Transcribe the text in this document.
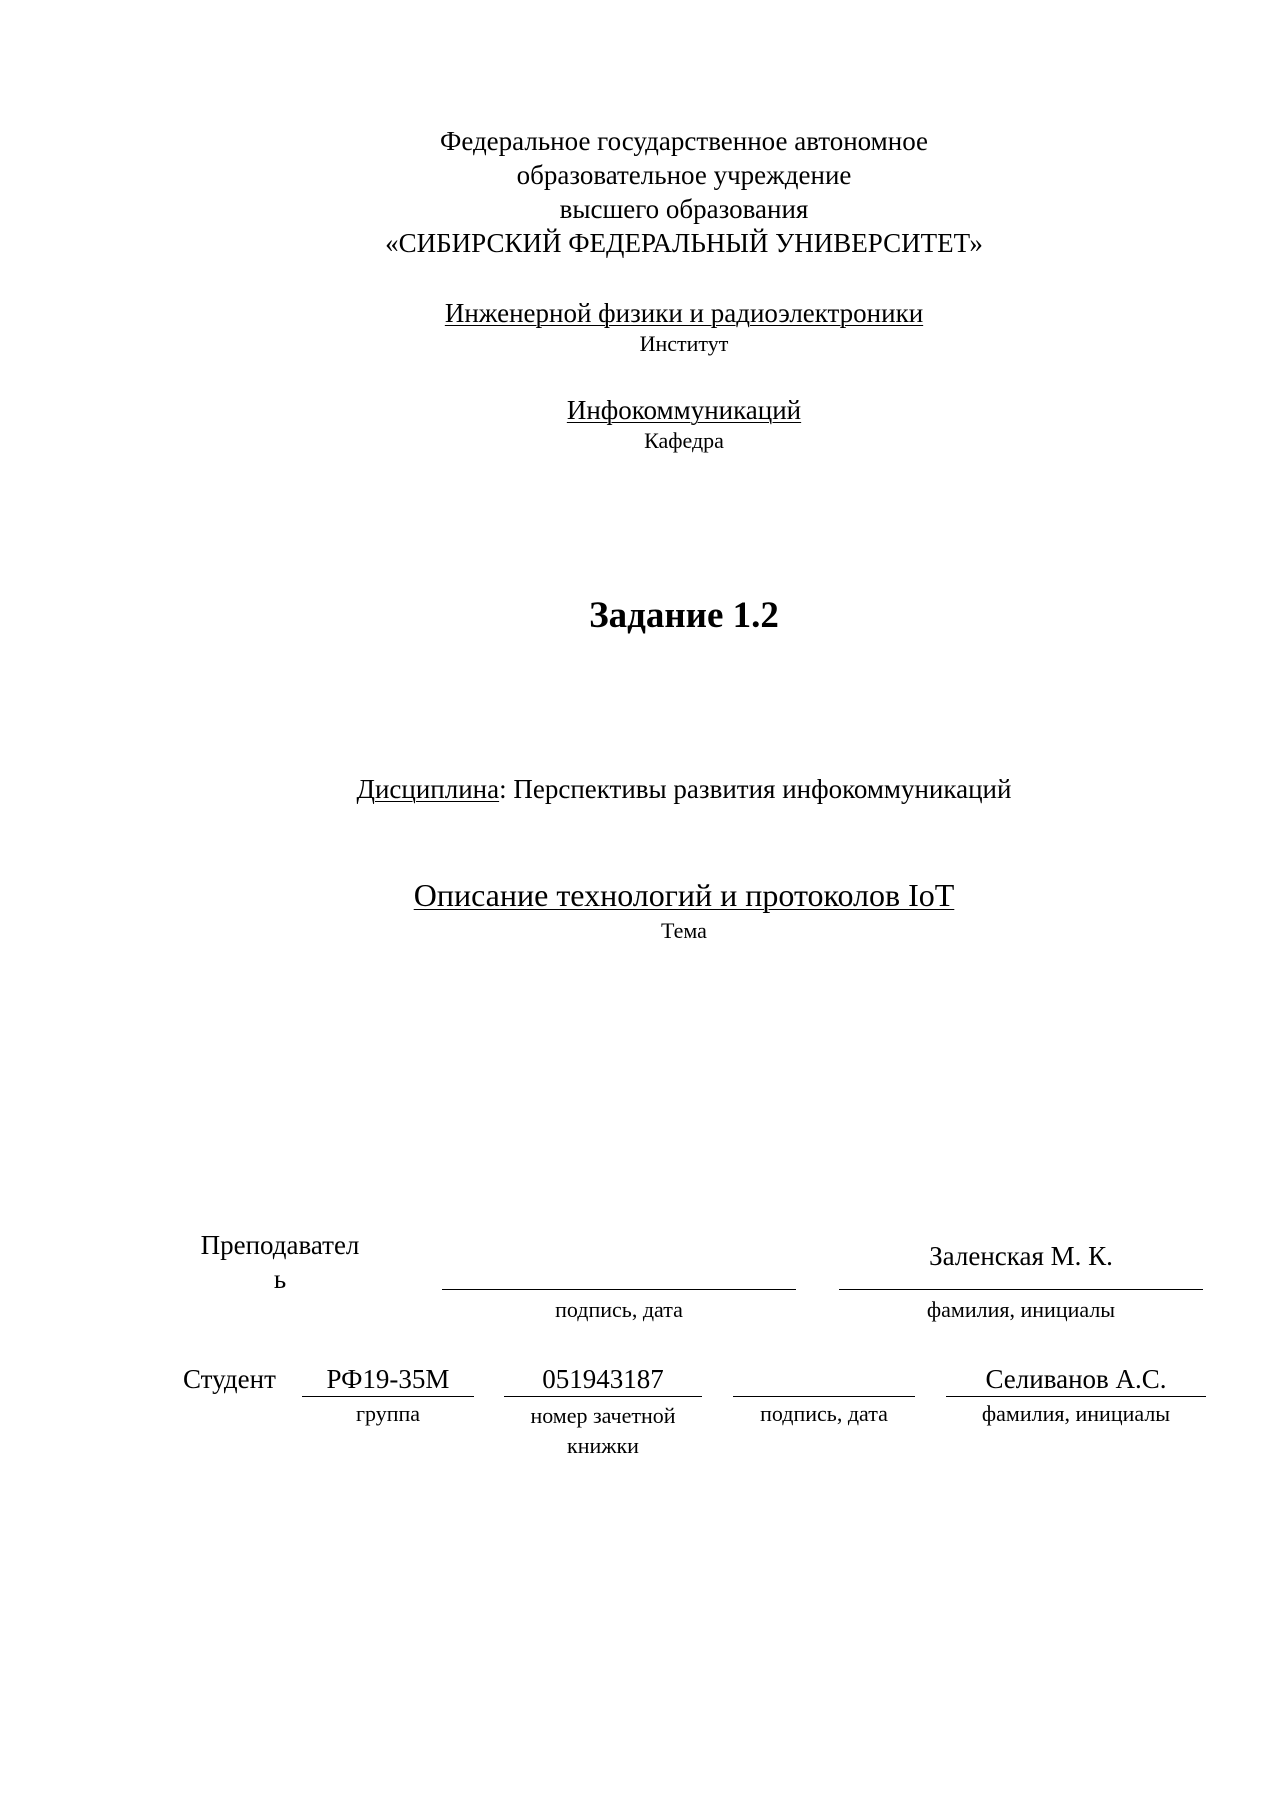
Федеральное государственное автономное
образовательное учреждение
высшего образования
«СИБИРСКИЙ ФЕДЕРАЛЬНЫЙ УНИВЕРСИТЕТ»
Инженерной физики и радиоэлектроники
Институт
Инфокоммуникаций
Кафедра
Задание 1.2
Дисциплина: Перспективы развития инфокоммуникаций
Описание технологий и протоколов IoT
Тема
Преподавател
ь
подпись, дата
Заленская М. К.
фамилия, инициалы
Студент	РФ19-35М
группа
051943187
номер зачетной
книжки
подпись, дата
Селиванов А.С.
фамилия, инициалы
